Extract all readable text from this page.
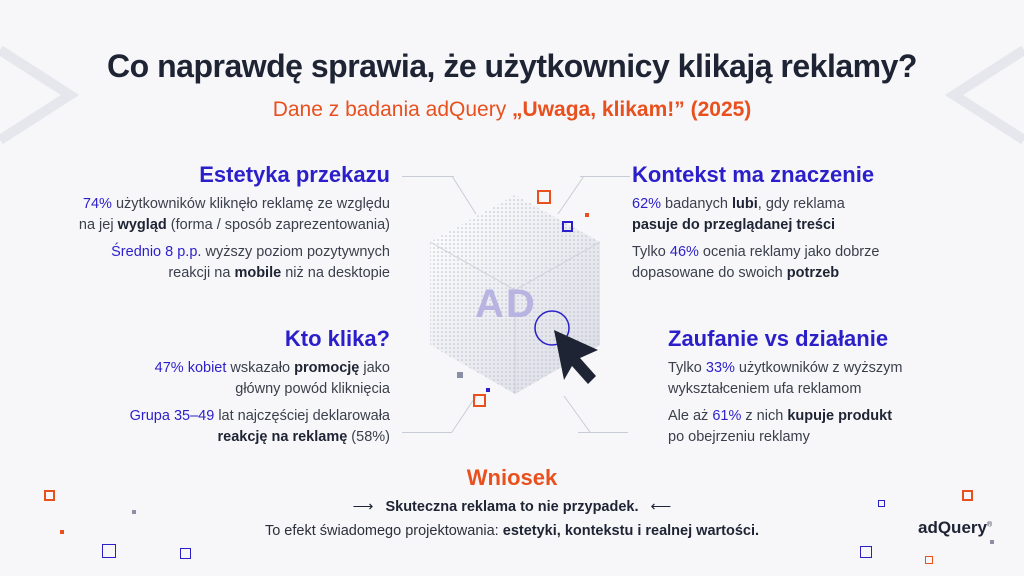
Co naprawdę sprawia, że użytkownicy klikają reklamy?
Dane z badania adQuery „Uwaga, klikam!” (2025)
AD
Estetyka przekazu
74% użytkowników kliknęło reklamę ze względu
na jej wygląd (forma / sposób zaprezentowania)
Średnio 8 p.p. wyższy poziom pozytywnych
reakcji na mobile niż na desktopie
Kontekst ma znaczenie
62% badanych lubi, gdy reklama
pasuje do przeglądanej treści
Tylko 46% ocenia reklamy jako dobrze
dopasowane do swoich potrzeb
Kto klika?
47% kobiet wskazało promocję jako
główny powód kliknięcia
Grupa 35–49 lat najczęściej deklarowała
reakcję na reklamę (58%)
Zaufanie vs działanie
Tylko 33% użytkowników z wyższym
wykształceniem ufa reklamom
Ale aż 61% z nich kupuje produkt
po obejrzeniu reklamy
Wniosek
⟶ Skuteczna reklama to nie przypadek. ⟵
To efekt świadomego projektowania: estetyki, kontekstu i realnej wartości.	adQuery®
